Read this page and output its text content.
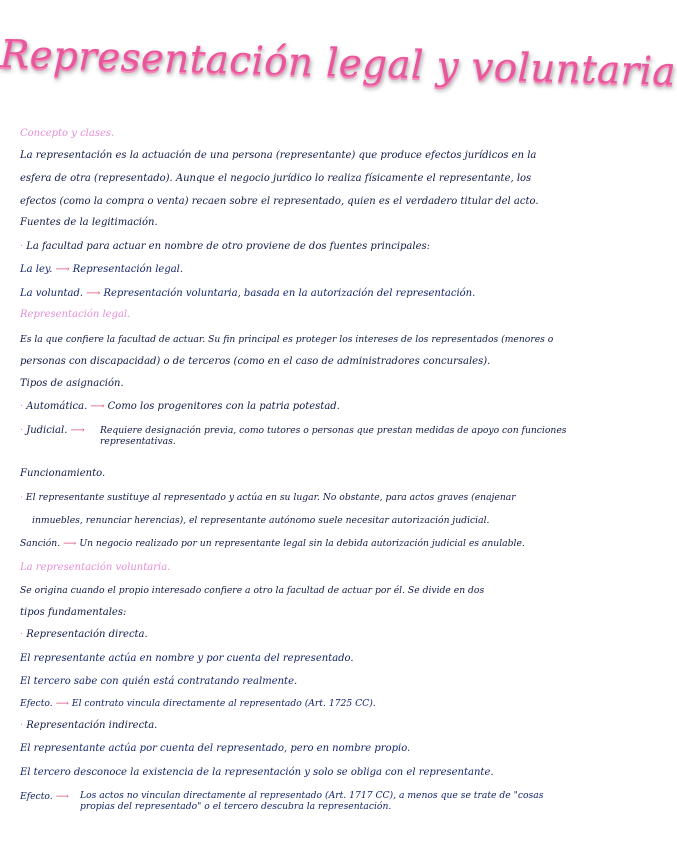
Representación legal y voluntaria
Concepto y clases.
La representación es la actuación de una persona (representante) que produce efectos jurídicos en la
esfera de otra (representado). Aunque el negocio jurídico lo realiza físicamente el representante, los
efectos (como la compra o venta) recaen sobre el representado, quien es el verdadero titular del acto.
Fuentes de la legitimación.
· La facultad para actuar en nombre de otro proviene de dos fuentes principales:
La ley. ⟶ Representación legal.
La voluntad. ⟶ Representación voluntaria, basada en la autorización del representación.
Representación legal.
Es la que confiere la facultad de actuar. Su fin principal es proteger los intereses de los representados (menores o
personas con discapacidad) o de terceros (como en el caso de administradores concursales).
Tipos de asignación.
· Automática. ⟶ Como los progenitores con la patria potestad.
· Judicial. ⟶	Requiere designación previa, como tutores o personas que prestan medidas de apoyo con funciones representativas.
Funcionamiento.
· El representante sustituye al representado y actúa en su lugar. No obstante, para actos graves (enajenar
inmuebles, renunciar herencias), el representante autónomo suele necesitar autorización judicial.
Sanción. ⟶ Un negocio realizado por un representante legal sin la debida autorización judicial es anulable.
La representación voluntaria.
Se origina cuando el propio interesado confiere a otro la facultad de actuar por él. Se divide en dos
tipos fundamentales:
· Representación directa.
El representante actúa en nombre y por cuenta del representado.
El tercero sabe con quién está contratando realmente.
Efecto. ⟶ El contrato vincula directamente al representado (Art. 1725 CC).
· Representación indirecta.
El representante actúa por cuenta del representado, pero en nombre propio.
El tercero desconoce la existencia de la representación y solo se obliga con el representante.
Efecto. ⟶	Los actos no vinculan directamente al representado (Art. 1717 CC), a menos que se trate de "cosas propias del representado" o el tercero descubra la representación.
